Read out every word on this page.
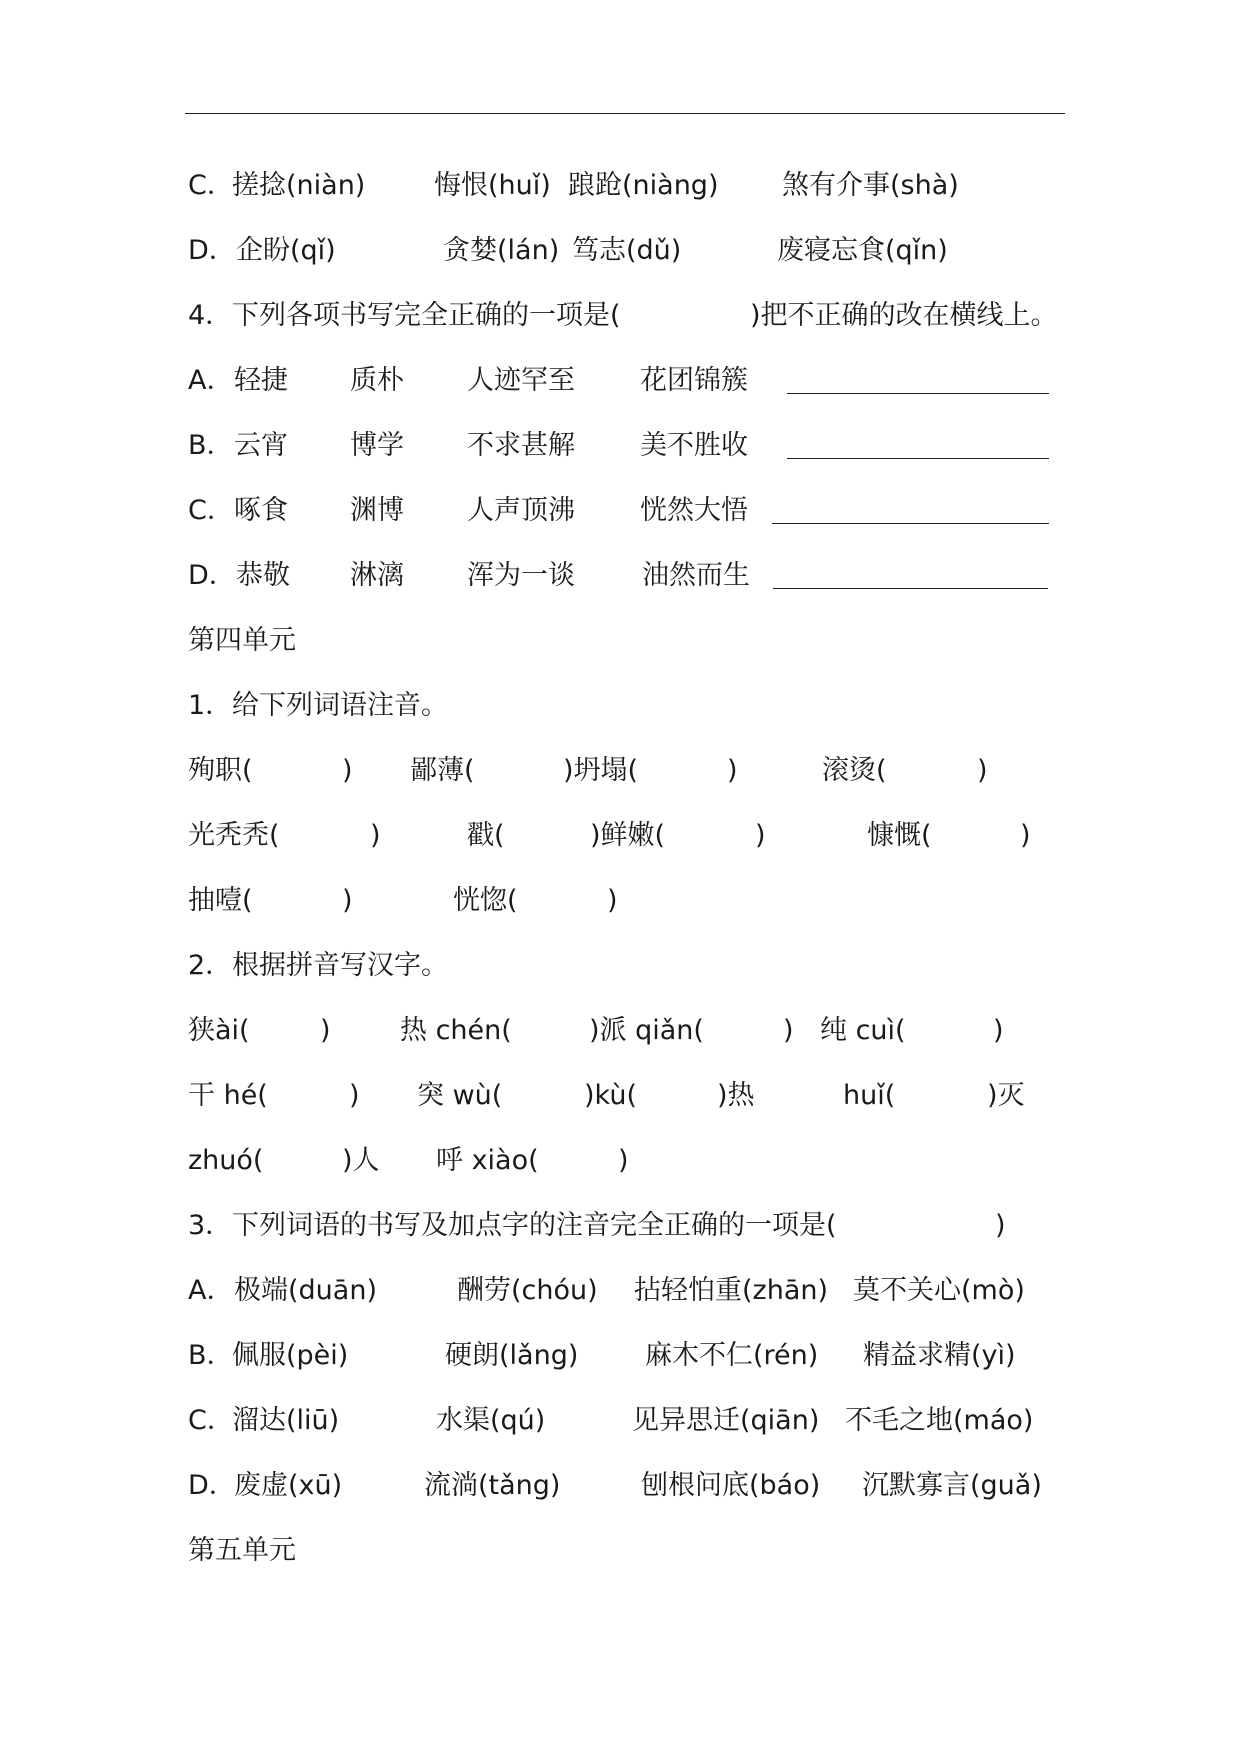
C．
搓捻(niàn)	悔恨(huǐ) 踉跄(niàng) 煞有介事(shà)
D． 企盼(qǐ)	贪婪(lán) 笃志(dǔ)	废寝忘食(qǐn)
4． 下列各项书写完全正确的一项是(	)把不正确的改在横线上。
A． 轻捷 质朴 人迹罕至 花团锦簇
B． 云宵 博学 不求甚解 美不胜收
C． 啄食 渊博 人声顶沸 恍然大悟
D． 恭敬 淋漓 浑为一谈 油然而生
第四单元
1． 给下列词语注音。
殉职(	) 鄙薄(	)坍塌(	)	滚烫(	)
光秃秃(	)	戳(	)鲜嫩(	)	慷慨(	)
抽噎(	)	恍惚(	)
2． 根据拼音写汉字。
狭ài(	)	热 chén(	)派 qiǎn(	) 纯 cuì(	)
干 hé(	) 突 wù(	)kù(	)热	huǐ(	)灭
zhuó(	)人 呼 xiào(	)
3． 下列词语的书写及加点字的注音完全正确的一项是(	)
A． 极端(duān)	酬劳(chóu) 拈轻怕重(zhān) 莫不关心(mò)
B．
佩服(pèi)	硬朗(lǎng) 麻木不仁(rén) 精益求精(yì)
C．
溜达(liū)	水渠(qú)	见异思迁(qiān) 不毛之地(máo)
D．
废虚(xū)	流淌(tǎng)	刨根问底(báo) 沉默寡言(guǎ)
第五单元
